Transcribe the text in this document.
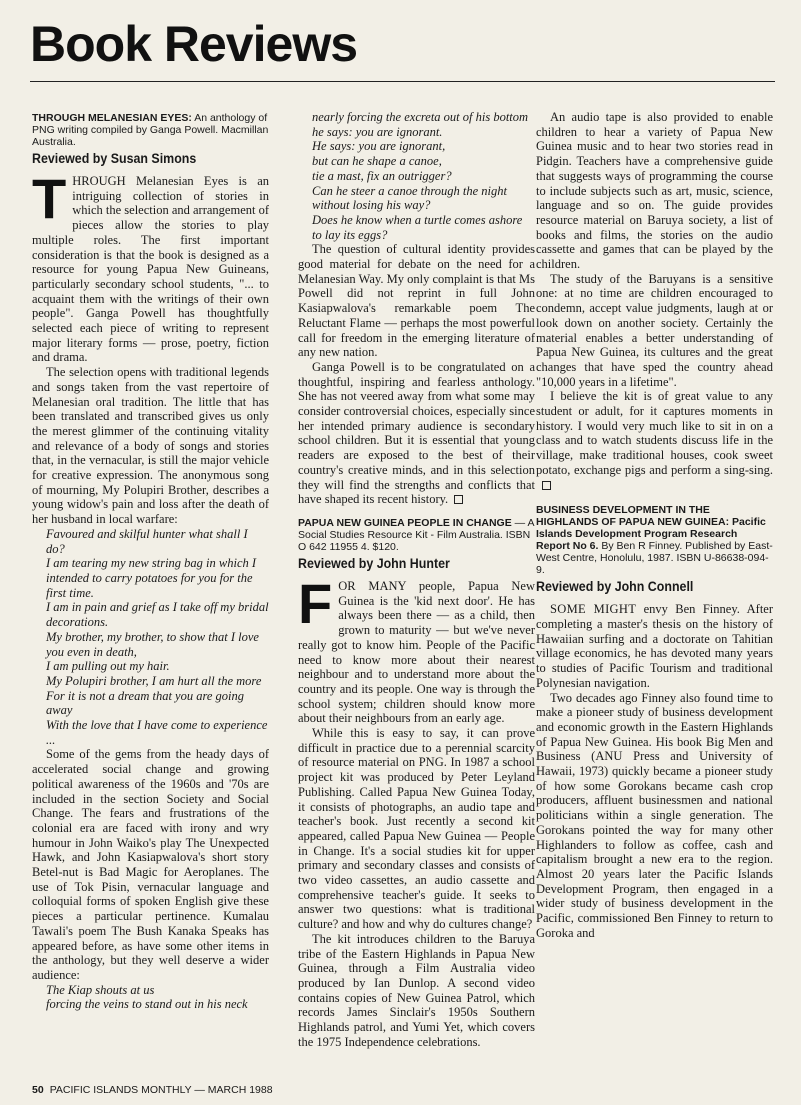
Book Reviews
THROUGH MELANESIAN EYES: An anthology of PNG writing compiled by Ganga Powell. Macmillan Australia.
Reviewed by Susan Simons

T HROUGH Melanesian Eyes is an intriguing collection of stories in which the selection and arrangement of pieces allow the stories to play multiple roles. The first important consideration is that the book is designed as a resource for young Papua New Guineans, particularly secondary school students, "... to acquaint them with the writings of their own people". Ganga Powell has thoughtfully selected each piece of writing to represent major literary forms — prose, poetry, fiction and drama.

The selection opens with traditional legends and songs taken from the vast repertoire of Melanesian oral tradition. The little that has been translated and transcribed gives us only the merest glimmer of the continuing vitality and relevance of a body of songs and stories that, in the vernacular, is still the major vehicle for creative expression. The anonymous song of mourning, My Polupiri Brother, describes a young widow's pain and loss after the death of her husband in local warfare:

Favoured and skilful hunter what shall I do?
I am tearing my new string bag in which I intended to carry potatoes for you for the first time.
I am in pain and grief as I take off my bridal decorations.
My brother, my brother, to show that I love you even in death,
I am pulling out my hair.
My Polupiri brother, I am hurt all the more
For it is not a dream that you are going away
With the love that I have come to experience ...

Some of the gems from the heady days of accelerated social change and growing political awareness of the 1960s and '70s are included in the section Society and Social Change. The fears and frustrations of the colonial era are faced with irony and wry humour in John Waiko's play The Unexpected Hawk, and John Kasiapwalova's short story Betel-nut is Bad Magic for Aeroplanes. The use of Tok Pisin, vernacular language and colloquial forms of spoken English give these pieces a particular pertinence. Kumalau Tawali's poem The Bush Kanaka Speaks has appeared before, as have some other items in the anthology, but they well deserve a wider audience:

The Kiap shouts at us
forcing the veins to stand out in his neck
nearly forcing the excreta out of his bottom
he says: you are ignorant.
He says: you are ignorant,
but can he shape a canoe,
tie a mast, fix an outrigger?
Can he steer a canoe through the night without losing his way?
Does he know when a turtle comes ashore
to lay its eggs?

The question of cultural identity provides good material for debate on the need for a Melanesian Way. My only complaint is that Ms Powell did not reprint in full John Kasiapwalova's remarkable poem The Reluctant Flame — perhaps the most powerful call for freedom in the emerging literature of any new nation.

Ganga Powell is to be congratulated on a thoughtful, inspiring and fearless anthology. She has not veered away from what some may consider controversial choices, especially since her intended primary audience is secondary school children. But it is essential that young readers are exposed to the best of their country's creative minds, and in this selection they will find the strengths and conflicts that have shaped its recent history.

PAPUA NEW GUINEA PEOPLE IN CHANGE — A Social Studies Resource Kit - Film Australia. ISBN O 642 11955 4. $120.
Reviewed by John Hunter

F OR MANY people, Papua New Guinea is the 'kid next door'. He has always been there — as a child, then grown to maturity — but we've never really got to know him. People of the Pacific need to know more about their nearest neighbour and to understand more about the country and its people. One way is through the school system; children should know more about their neighbours from an early age.

While this is easy to say, it can prove difficult in practice due to a perennial scarcity of resource material on PNG. In 1987 a school project kit was produced by Peter Leyland Publishing. Called Papua New Guinea Today, it consists of photographs, an audio tape and teacher's book. Just recently a second kit appeared, called Papua New Guinea — People in Change. It's a social studies kit for upper primary and secondary classes and consists of two video cassettes, an audio cassette and comprehensive teacher's guide. It seeks to answer two questions: what is traditional culture? and how and why do cultures change?

The kit introduces children to the Baruya tribe of the Eastern Highlands in Papua New Guinea, through a Film Australia video produced by Ian Dunlop. A second video contains copies of New Guinea Patrol, which records James Sinclair's 1950s Southern Highlands patrol, and Yumi Yet, which covers the 1975 Independence celebrations.

An audio tape is also provided to enable children to hear a variety of Papua New Guinea music and to hear two stories read in Pidgin. Teachers have a comprehensive guide that suggests ways of programming the course to include subjects such as art, music, science, language and so on. The guide provides resource material on Baruya society, a list of books and films, the stories on the audio cassette and games that can be played by the children.

The study of the Baruyans is a sensitive one: at no time are children encouraged to condemn, accept value judgments, laugh at or look down on another society. Certainly the material enables a better understanding of Papua New Guinea, its cultures and the great changes that have sped the country ahead "10,000 years in a lifetime".

I believe the kit is of great value to any student or adult, for it captures moments in history. I would very much like to sit in on a class and to watch students discuss life in the village, make traditional houses, cook sweet potato, exchange pigs and perform a sing-sing.

BUSINESS DEVELOPMENT IN THE HIGHLANDS OF PAPUA NEW GUINEA: Pacific Islands Development Program Research Report No 6. By Ben R Finney. Published by East-West Centre, Honolulu, 1987. ISBN U-86638-094-9.
Reviewed by John Connell

SOME MIGHT envy Ben Finney. After completing a master's thesis on the history of Hawaiian surfing and a doctorate on Tahitian village economics, he has devoted many years to studies of Pacific Tourism and traditional Polynesian navigation.

Two decades ago Finney also found time to make a pioneer study of business development and economic growth in the Eastern Highlands of Papua New Guinea. His book Big Men and Business (ANU Press and University of Hawaii, 1973) quickly became a pioneer study of how some Gorokans became cash crop producers, affluent businessmen and national politicians within a single generation. The Gorokans pointed the way for many other Highlanders to follow as coffee, cash and capitalism brought a new era to the region. Almost 20 years later the Pacific Islands Development Program, then engaged in a wider study of business development in the Pacific, commissioned Ben Finney to return to Goroka and

50 PACIFIC ISLANDS MONTHLY — MARCH 1988
